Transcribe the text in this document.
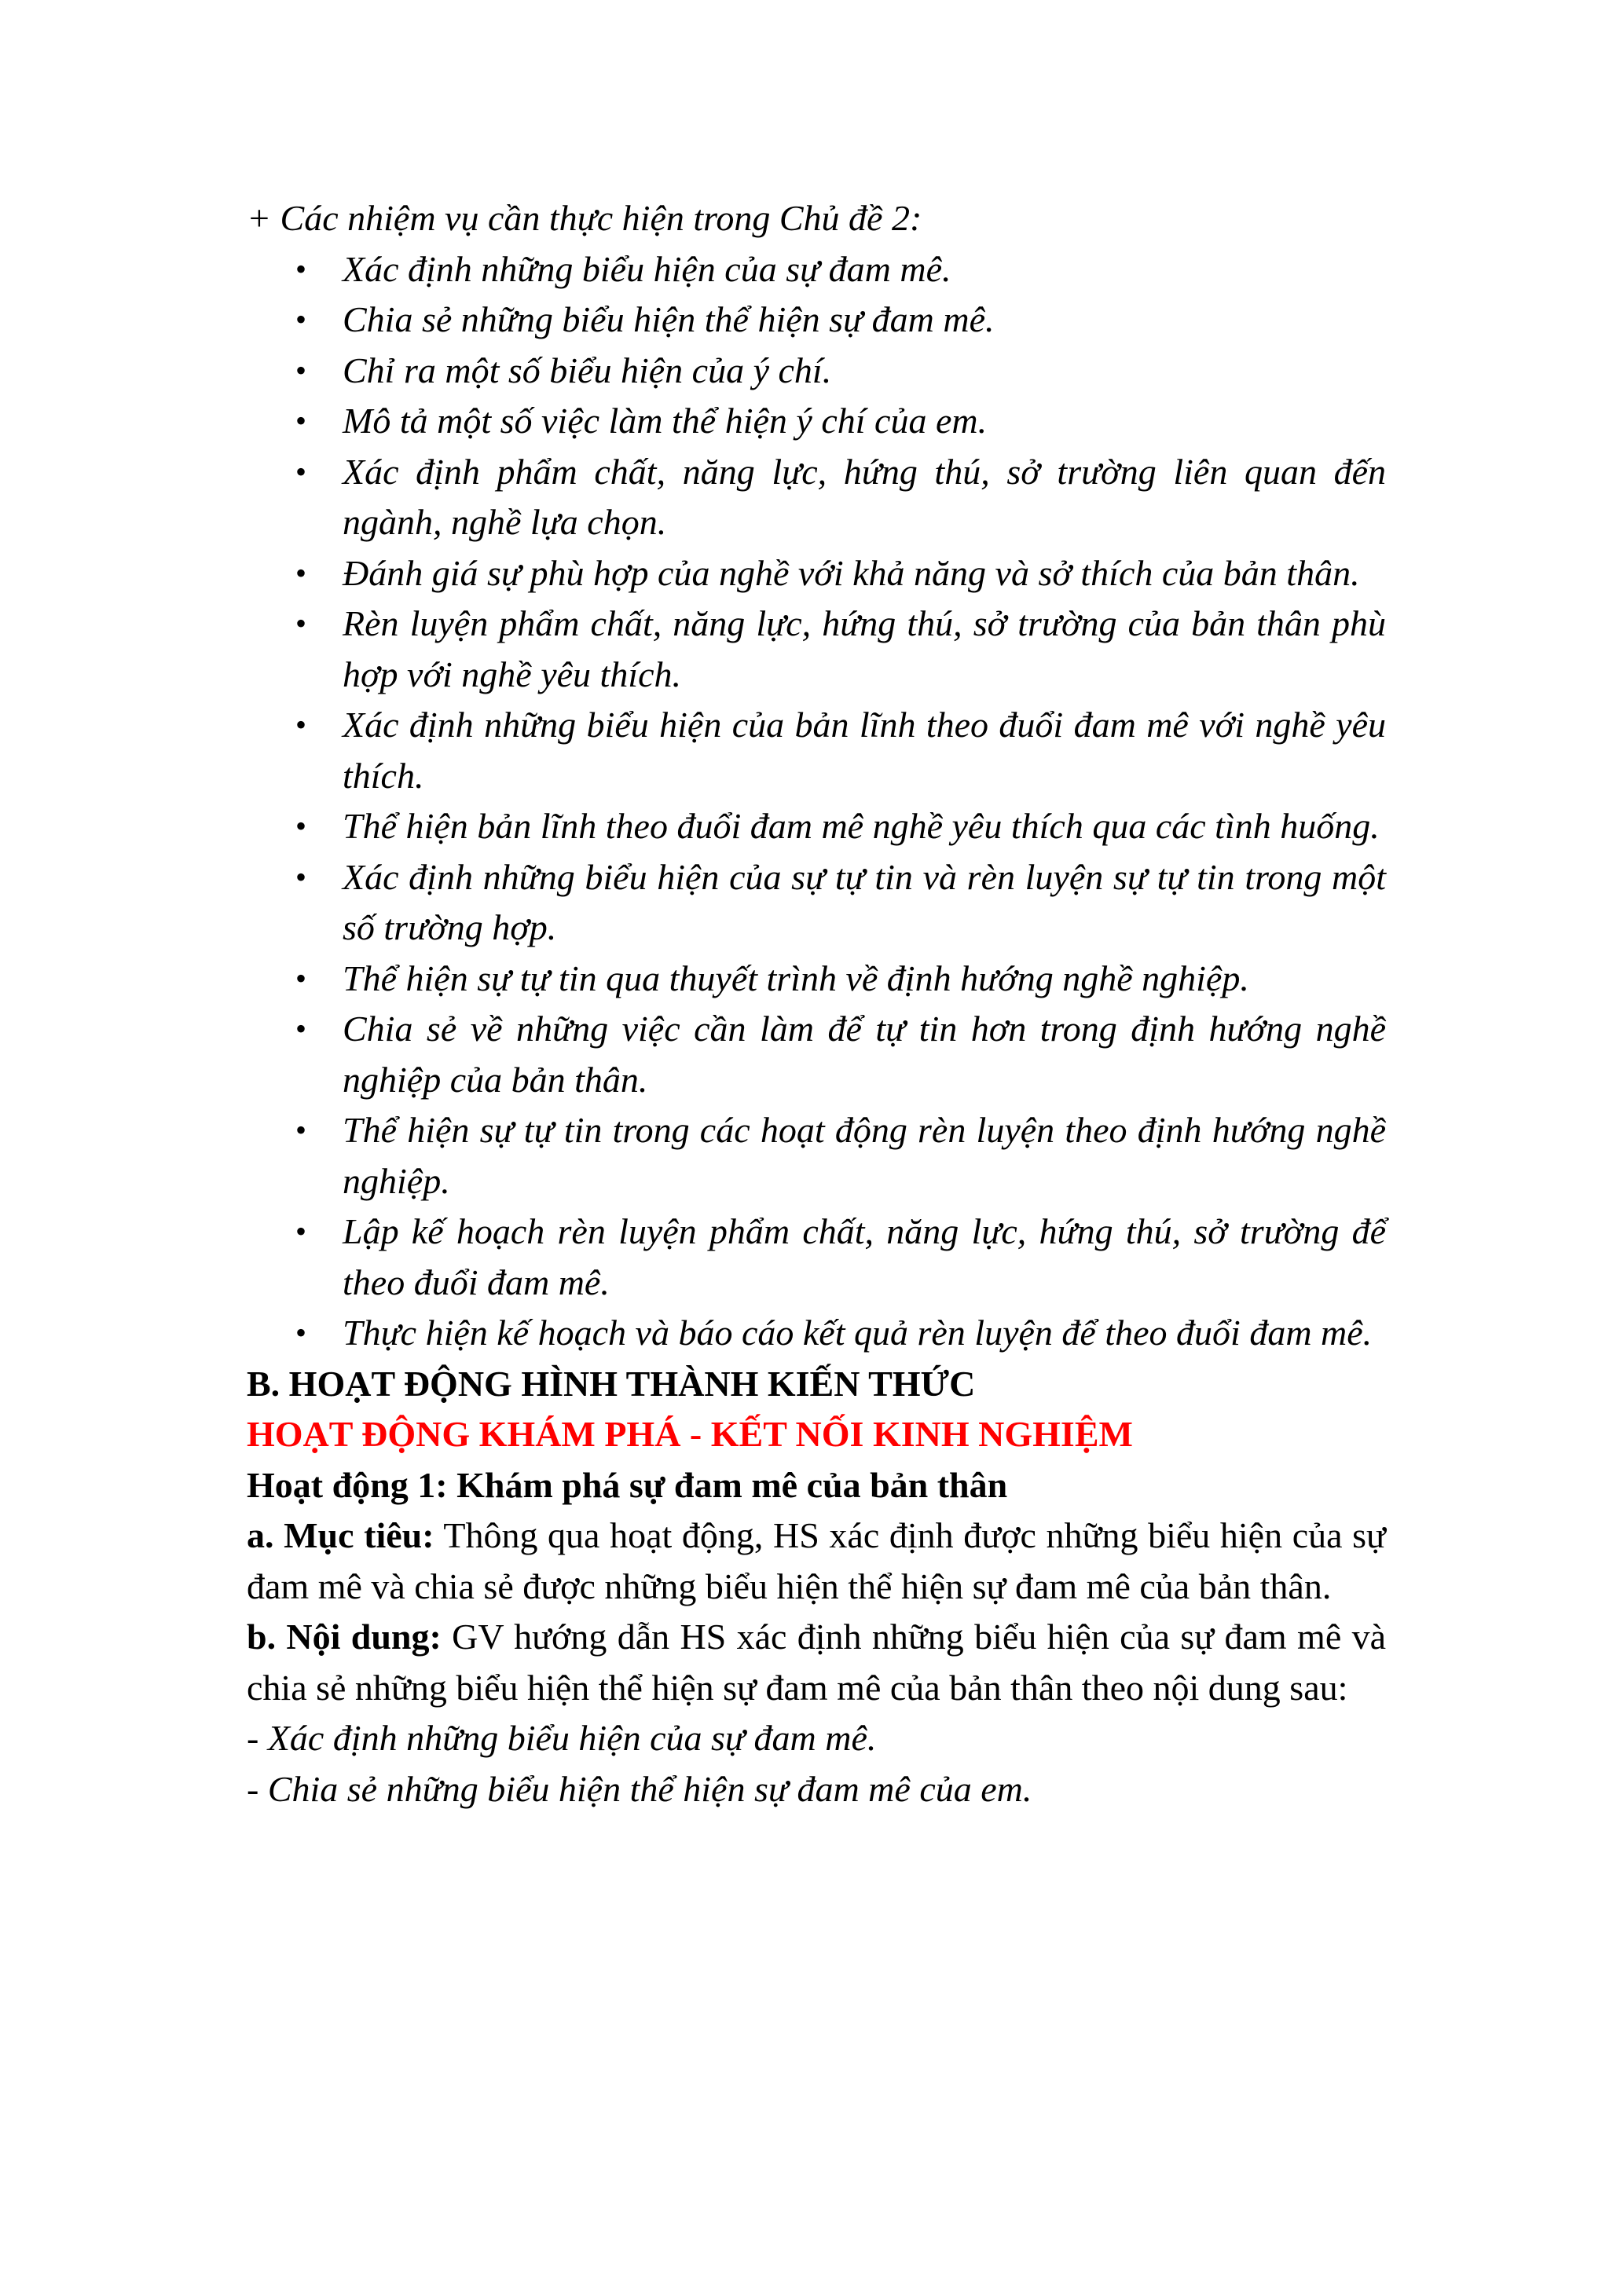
+ Các nhiệm vụ cần thực hiện trong Chủ đề 2:

• Xác định những biểu hiện của sự đam mê.
• Chia sẻ những biểu hiện thể hiện sự đam mê.
• Chỉ ra một số biểu hiện của ý chí.
• Mô tả một số việc làm thể hiện ý chí của em.
• Xác định phẩm chất, năng lực, hứng thú, sở trường liên quan đến ngành, nghề lựa chọn.
• Đánh giá sự phù hợp của nghề với khả năng và sở thích của bản thân.
• Rèn luyện phẩm chất, năng lực, hứng thú, sở trường của bản thân phù hợp với nghề yêu thích.
• Xác định những biểu hiện của bản lĩnh theo đuổi đam mê với nghề yêu thích.
• Thể hiện bản lĩnh theo đuổi đam mê nghề yêu thích qua các tình huống.
• Xác định những biểu hiện của sự tự tin và rèn luyện sự tự tin trong một số trường hợp.
• Thể hiện sự tự tin qua thuyết trình về định hướng nghề nghiệp.
• Chia sẻ về những việc cần làm để tự tin hơn trong định hướng nghề nghiệp của bản thân.
• Thể hiện sự tự tin trong các hoạt động rèn luyện theo định hướng nghề nghiệp.
• Lập kế hoạch rèn luyện phẩm chất, năng lực, hứng thú, sở trường để theo đuổi đam mê.
• Thực hiện kế hoạch và báo cáo kết quả rèn luyện để theo đuổi đam mê.

B. HOẠT ĐỘNG HÌNH THÀNH KIẾN THỨC

HOẠT ĐỘNG KHÁM PHÁ - KẾT NỐI KINH NGHIỆM

Hoạt động 1: Khám phá sự đam mê của bản thân

a. Mục tiêu: Thông qua hoạt động, HS xác định được những biểu hiện của sự đam mê và chia sẻ được những biểu hiện thể hiện sự đam mê của bản thân.

b. Nội dung: GV hướng dẫn HS xác định những biểu hiện của sự đam mê và chia sẻ những biểu hiện thể hiện sự đam mê của bản thân theo nội dung sau:

- Xác định những biểu hiện của sự đam mê.

- Chia sẻ những biểu hiện thể hiện sự đam mê của em.
